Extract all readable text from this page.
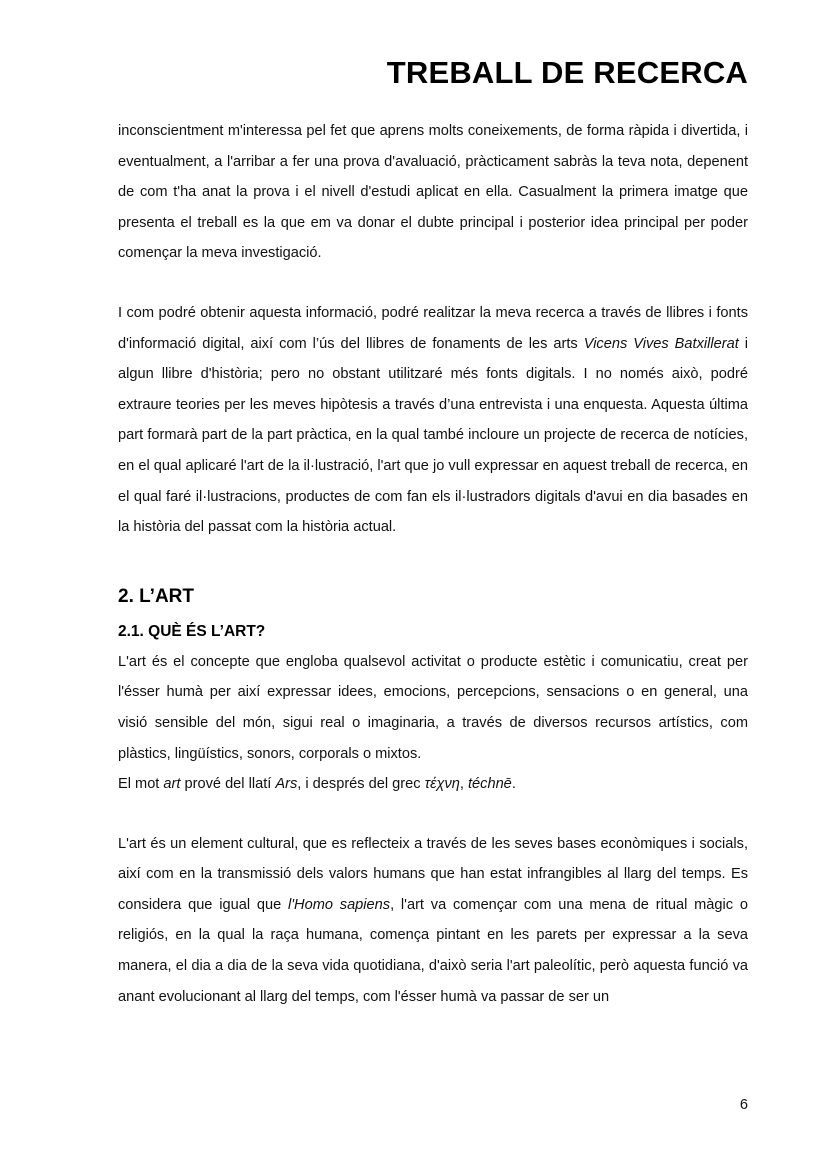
TREBALL DE RECERCA

inconscientment m'interessa pel fet que aprens molts coneixements, de forma ràpida i divertida, i eventualment, a l'arribar a fer una prova d'avaluació, pràcticament sabràs la teva nota, depenent de com t'ha anat la prova i el nivell d'estudi aplicat en ella. Casualment la primera imatge que presenta el treball es la que em va donar el dubte principal i posterior idea principal per poder començar la meva investigació.

I com podré obtenir aquesta informació, podré realitzar la meva recerca a través de llibres i fonts d'informació digital, així com l’ús del llibres de fonaments de les arts Vicens Vives Batxillerat i algun llibre d'història; pero no obstant utilitzaré més fonts digitals. I no només això, podré extraure teories per les meves hipòtesis a través d’una entrevista i una enquesta. Aquesta última part formarà part de la part pràctica, en la qual també incloure un projecte de recerca de notícies, en el qual aplicaré l'art de la il·lustració, l'art que jo vull expressar en aquest treball de recerca, en el qual faré il·lustracions, productes de com fan els il·lustradors digitals d'avui en dia basades en la història del passat com la història actual.

2. L’ART
2.1. QUÈ ÉS L’ART?

L'art és el concepte que engloba qualsevol activitat o producte estètic i comunicatiu, creat per l'ésser humà per així expressar idees, emocions, percepcions, sensacions o en general, una visió sensible del món, sigui real o imaginaria, a través de diversos recursos artístics, com plàstics, lingüístics, sonors, corporals o mixtos.

El mot art prové del llatí Ars, i després del grec τέχνη, téchnē.

L'art és un element cultural, que es reflecteix a través de les seves bases econòmiques i socials, així com en la transmissió dels valors humans que han estat infrangibles al llarg del temps. Es considera que igual que l'Homo sapiens, l'art va començar com una mena de ritual màgic o religiós, en la qual la raça humana, comença pintant en les parets per expressar a la seva manera, el dia a dia de la seva vida quotidiana, d'això seria l'art paleolític, però aquesta funció va anant evolucionant al llarg del temps, com l'ésser humà va passar de ser un

6
